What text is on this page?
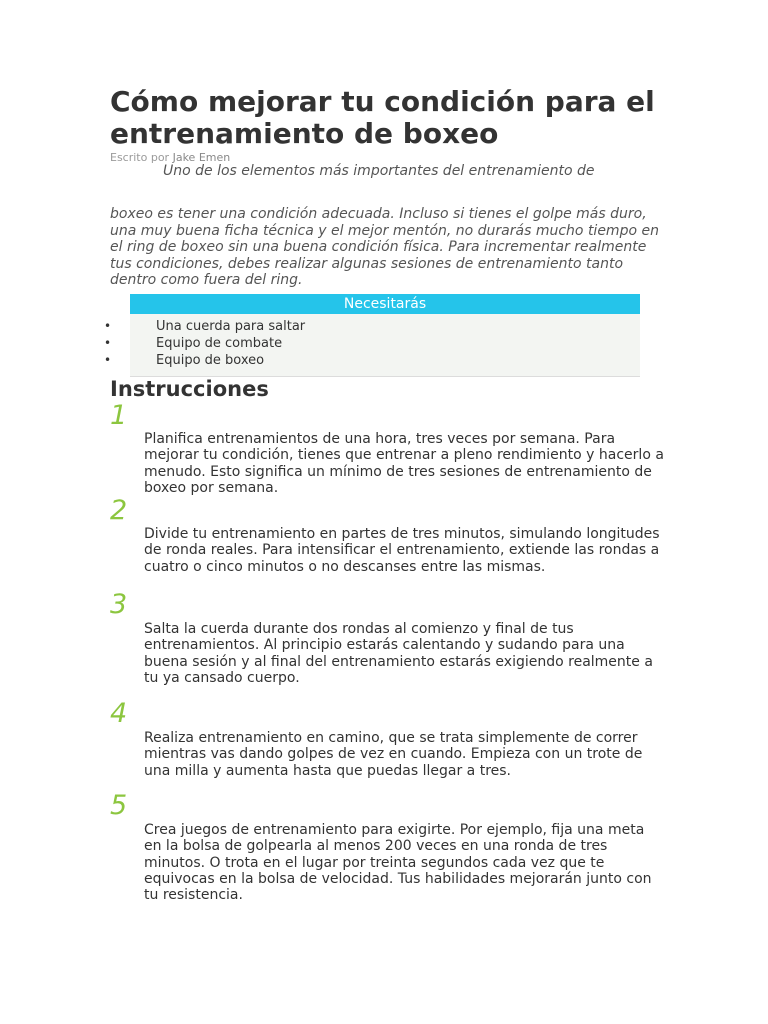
Cómo mejorar tu condición para el entrenamiento de boxeo
Escrito por Jake Emen
Uno de los elementos más importantes del entrenamiento de
boxeo es tener una condición adecuada. Incluso si tienes el golpe más duro, una muy buena ficha técnica y el mejor mentón, no durarás mucho tiempo en el ring de boxeo sin una buena condición física. Para incrementar realmente tus condiciones, debes realizar algunas sesiones de entrenamiento tanto dentro como fuera del ring.
Necesitarás
•	Una cuerda para saltar
•	Equipo de combate
•	Equipo de boxeo
Instrucciones
1
Planifica entrenamientos de una hora, tres veces por semana. Para mejorar tu condición, tienes que entrenar a pleno rendimiento y hacerlo a menudo. Esto significa un mínimo de tres sesiones de entrenamiento de boxeo por semana.
2
Divide tu entrenamiento en partes de tres minutos, simulando longitudes de ronda reales. Para intensificar el entrenamiento, extiende las rondas a cuatro o cinco minutos o no descanses entre las mismas.
3
Salta la cuerda durante dos rondas al comienzo y final de tus entrenamientos. Al principio estarás calentando y sudando para una buena sesión y al final del entrenamiento estarás exigiendo realmente a tu ya cansado cuerpo.
4
Realiza entrenamiento en camino, que se trata simplemente de correr mientras vas dando golpes de vez en cuando. Empieza con un trote de una milla y aumenta hasta que puedas llegar a tres.
5
Crea juegos de entrenamiento para exigirte. Por ejemplo, fija una meta en la bolsa de golpearla al menos 200 veces en una ronda de tres minutos. O trota en el lugar por treinta segundos cada vez que te equivocas en la bolsa de velocidad. Tus habilidades mejorarán junto con tu resistencia.
